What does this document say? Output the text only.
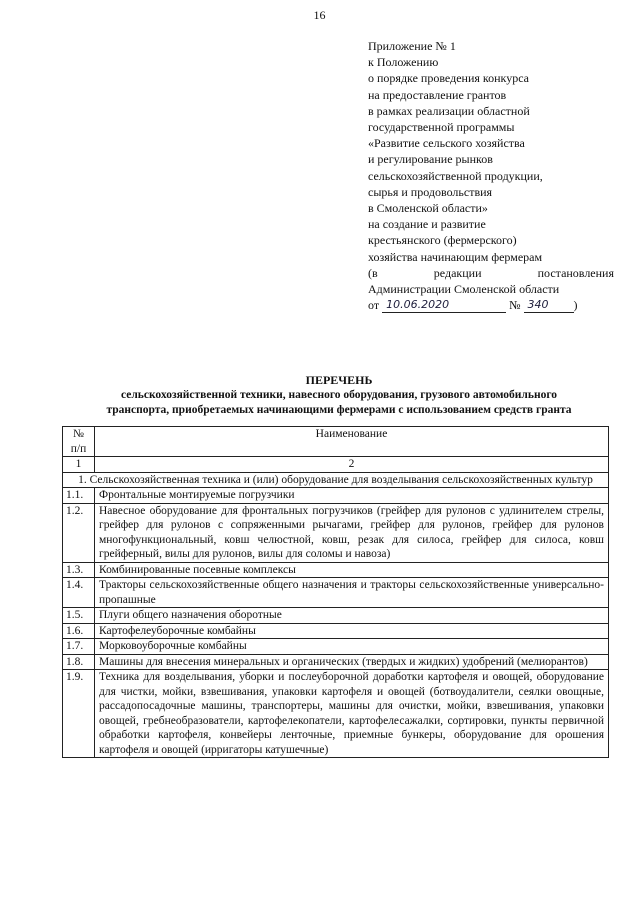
16
Приложение № 1
к Положению
о порядке проведения конкурса
на предоставление грантов
в рамках реализации областной
государственной программы
«Развитие сельского хозяйства
и регулирование рынков
сельскохозяйственной продукции,
сырья и продовольствия
в Смоленской области»
на создание и развитие
крестьянского (фермерского)
хозяйства начинающим фермерам
(в	редакции	постановления
Администрации Смоленской области
от
10.06.2020
	№
340	)
ПЕРЕЧЕНЬ
сельскохозяйственной техники, навесного оборудования, грузового автомобильного
транспорта, приобретаемых начинающими фермерами с использованием средств гранта
№
п/п	Наименование
1	2
1. Сельскохозяйственная техника и (или) оборудование для возделывания сельскохозяйственных культур	
1.1.	Фронтальные монтируемые погрузчики
1.2.	Навесное оборудование для фронтальных погрузчиков (грейфер для рулонов с удлинителем стрелы, грейфер для рулонов с сопряженными рычагами, грейфер для рулонов, грейфер для рулонов многофункциональный, ковш челюстной, ковш, резак для силоса, грейфер для силоса, ковш грейферный, вилы для рулонов, вилы для соломы и навоза)
1.3.	Комбинированные посевные комплексы
1.4.	Тракторы сельскохозяйственные общего назначения и тракторы сельскохозяйственные универсально-пропашные
1.5.	Плуги общего назначения оборотные
1.6.	Картофелеуборочные комбайны
1.7.	Морковоуборочные комбайны
1.8.	Машины для внесения минеральных и органических (твердых и жидких) удобрений (мелиорантов)
1.9.	Техника для возделывания, уборки и послеуборочной доработки картофеля и овощей, оборудование для чистки, мойки, взвешивания, упаковки картофеля и овощей (ботвоудалители, сеялки овощные, рассадопосадочные машины, транспортеры, машины для очистки, мойки, взвешивания, упаковки овощей, гребнеобразователи, картофелекопатели, картофелесажалки, сортировки, пункты первичной обработки картофеля, конвейеры ленточные, приемные бункеры, оборудование для орошения картофеля и овощей (ирригаторы катушечные)
